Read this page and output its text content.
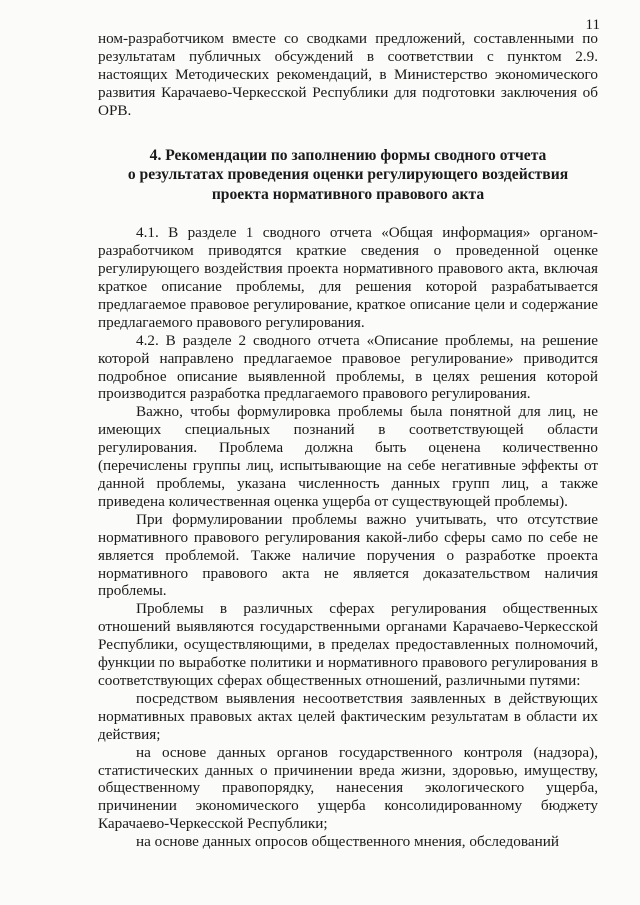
11

ном-разработчиком вместе со сводками предложений, составленными по результатам публичных обсуждений в соответствии с пунктом 2.9. настоящих Методических рекомендаций, в Министерство экономического развития Карачаево-Черкесской Республики для подготовки заключения об ОРВ.

4. Рекомендации по заполнению формы сводного отчета
о результатах проведения оценки регулирующего воздействия
проекта нормативного правового акта

4.1. В разделе 1 сводного отчета «Общая информация» органом-разработчиком приводятся краткие сведения о проведенной оценке регулирующего воздействия проекта нормативного правового акта, включая краткое описание проблемы, для решения которой разрабатывается предлагаемое правовое регулирование, краткое описание цели и содержание предлагаемого правового регулирования.

4.2. В разделе 2 сводного отчета «Описание проблемы, на решение которой направлено предлагаемое правовое регулирование» приводится подробное описание выявленной проблемы, в целях решения которой производится разработка предлагаемого правового регулирования.

Важно, чтобы формулировка проблемы была понятной для лиц, не имеющих специальных познаний в соответствующей области регулирования. Проблема должна быть оценена количественно (перечислены группы лиц, испытывающие на себе негативные эффекты от данной проблемы, указана численность данных групп лиц, а также приведена количественная оценка ущерба от существующей проблемы).

При формулировании проблемы важно учитывать, что отсутствие нормативного правового регулирования какой-либо сферы само по себе не является проблемой. Также наличие поручения о разработке проекта нормативного правового акта не является доказательством наличия проблемы.

Проблемы в различных сферах регулирования общественных отношений выявляются государственными органами Карачаево-Черкесской Республики, осуществляющими, в пределах предоставленных полномочий, функции по выработке политики и нормативного правового регулирования в соответствующих сферах общественных отношений, различными путями:

посредством выявления несоответствия заявленных в действующих нормативных правовых актах целей фактическим результатам в области их действия;

на основе данных органов государственного контроля (надзора), статистических данных о причинении вреда жизни, здоровью, имуществу, общественному правопорядку, нанесения экологического ущерба, причинении экономического ущерба консолидированному бюджету Карачаево-Черкесской Республики;

на основе данных опросов общественного мнения, обследований
